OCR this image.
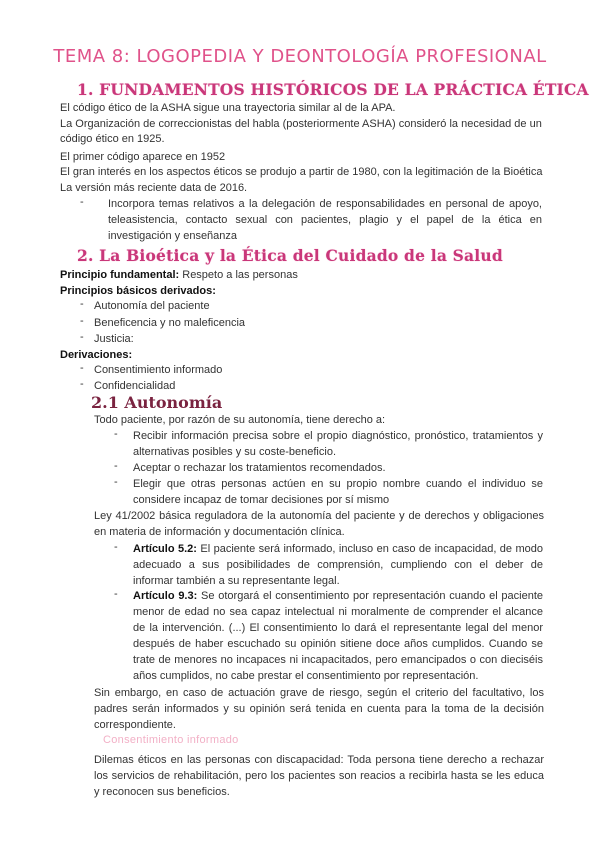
TEMA 8: LOGOPEDIA Y DEONTOLOGÍA PROFESIONAL
1. FUNDAMENTOS HISTÓRICOS DE LA PRÁCTICA ÉTICA
El código ético de la ASHA sigue una trayectoria similar al de la APA.
La Organización de correccionistas del habla (posteriormente ASHA) consideró la necesidad de un
código ético en 1925.
El primer código aparece en 1952
El gran interés en los aspectos éticos se produjo a partir de 1980, con la legitimación de la Bioética
La versión más reciente data de 2016.
- Incorpora temas relativos a la delegación de responsabilidades en personal de apoyo, teleasistencia, contacto sexual con pacientes, plagio y el papel de la ética en investigación y enseñanza
2. La Bioética y la Ética del Cuidado de la Salud
Principio fundamental: Respeto a las personas
Principios básicos derivados:
- Autonomía del paciente
- Beneficencia y no maleficencia
- Justicia:
Derivaciones:
- Consentimiento informado
- Confidencialidad
2.1 Autonomía
Todo paciente, por razón de su autonomía, tiene derecho a:
- Recibir información precisa sobre el propio diagnóstico, pronóstico, tratamientos y alternativas posibles y su coste-beneficio.
- Aceptar o rechazar los tratamientos recomendados.
- Elegir que otras personas actúen en su propio nombre cuando el individuo se considere incapaz de tomar decisiones por sí mismo
Ley 41/2002 básica reguladora de la autonomía del paciente y de derechos y obligaciones en materia de información y documentación clínica.
- Artículo 5.2: El paciente será informado, incluso en caso de incapacidad, de modo adecuado a sus posibilidades de comprensión, cumpliendo con el deber de informar también a su representante legal.
- Artículo 9.3: Se otorgará el consentimiento por representación cuando el paciente menor de edad no sea capaz intelectual ni moralmente de comprender el alcance de la intervención. (...) El consentimiento lo dará el representante legal del menor después de haber escuchado su opinión sitiene doce años cumplidos. Cuando se trate de menores no incapaces ni incapacitados, pero emancipados o con dieciséis años cumplidos, no cabe prestar el consentimiento por representación.
Sin embargo, en caso de actuación grave de riesgo, según el criterio del facultativo, los padres serán informados y su opinión será tenida en cuenta para la toma de la decisión correspondiente.
Consentimiento informado
Dilemas éticos en las personas con discapacidad: Toda persona tiene derecho a rechazar los servicios de rehabilitación, pero los pacientes son reacios a recibirla hasta se les educa y reconocen sus beneficios.
